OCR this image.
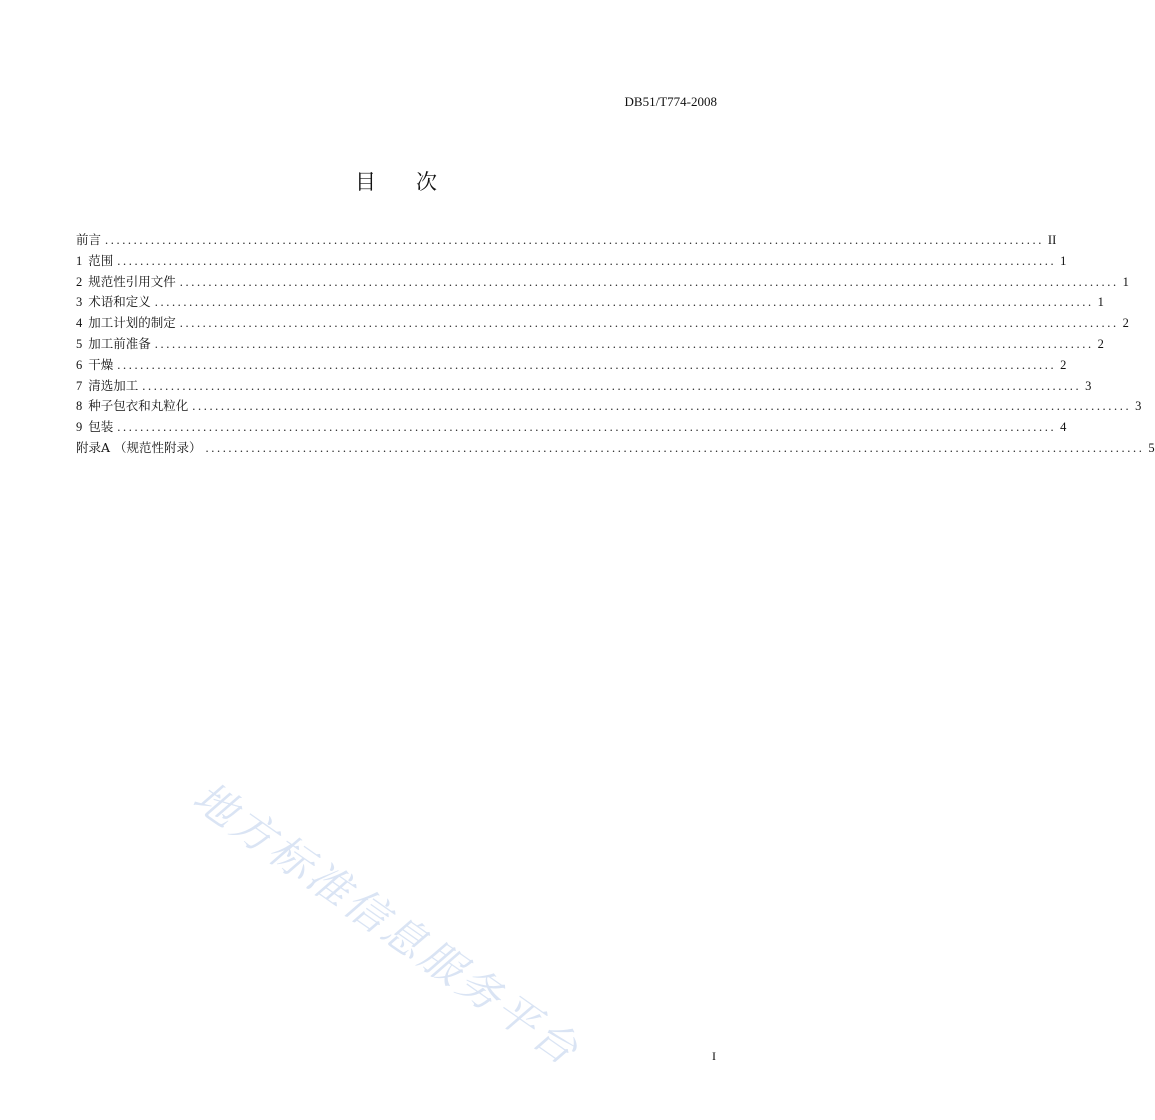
DB51/T774-2008
目 次
前言 .................................................................................................................................................................... II
1 范围 .................................................................................................................................................................... 1
2 规范性引用文件 .................................................................................................................................................................... 1
3 术语和定义 .................................................................................................................................................................... 1
4 加工计划的制定 .................................................................................................................................................................... 2
5 加工前准备 .................................................................................................................................................................... 2
6 干燥 .................................................................................................................................................................... 2
7 清选加工 .................................................................................................................................................................... 3
8 种子包衣和丸粒化 .................................................................................................................................................................... 3
9 包装 .................................................................................................................................................................... 4
附录A （规范性附录） .................................................................................................................................................................... 5
地方标准信息服务平台	I
